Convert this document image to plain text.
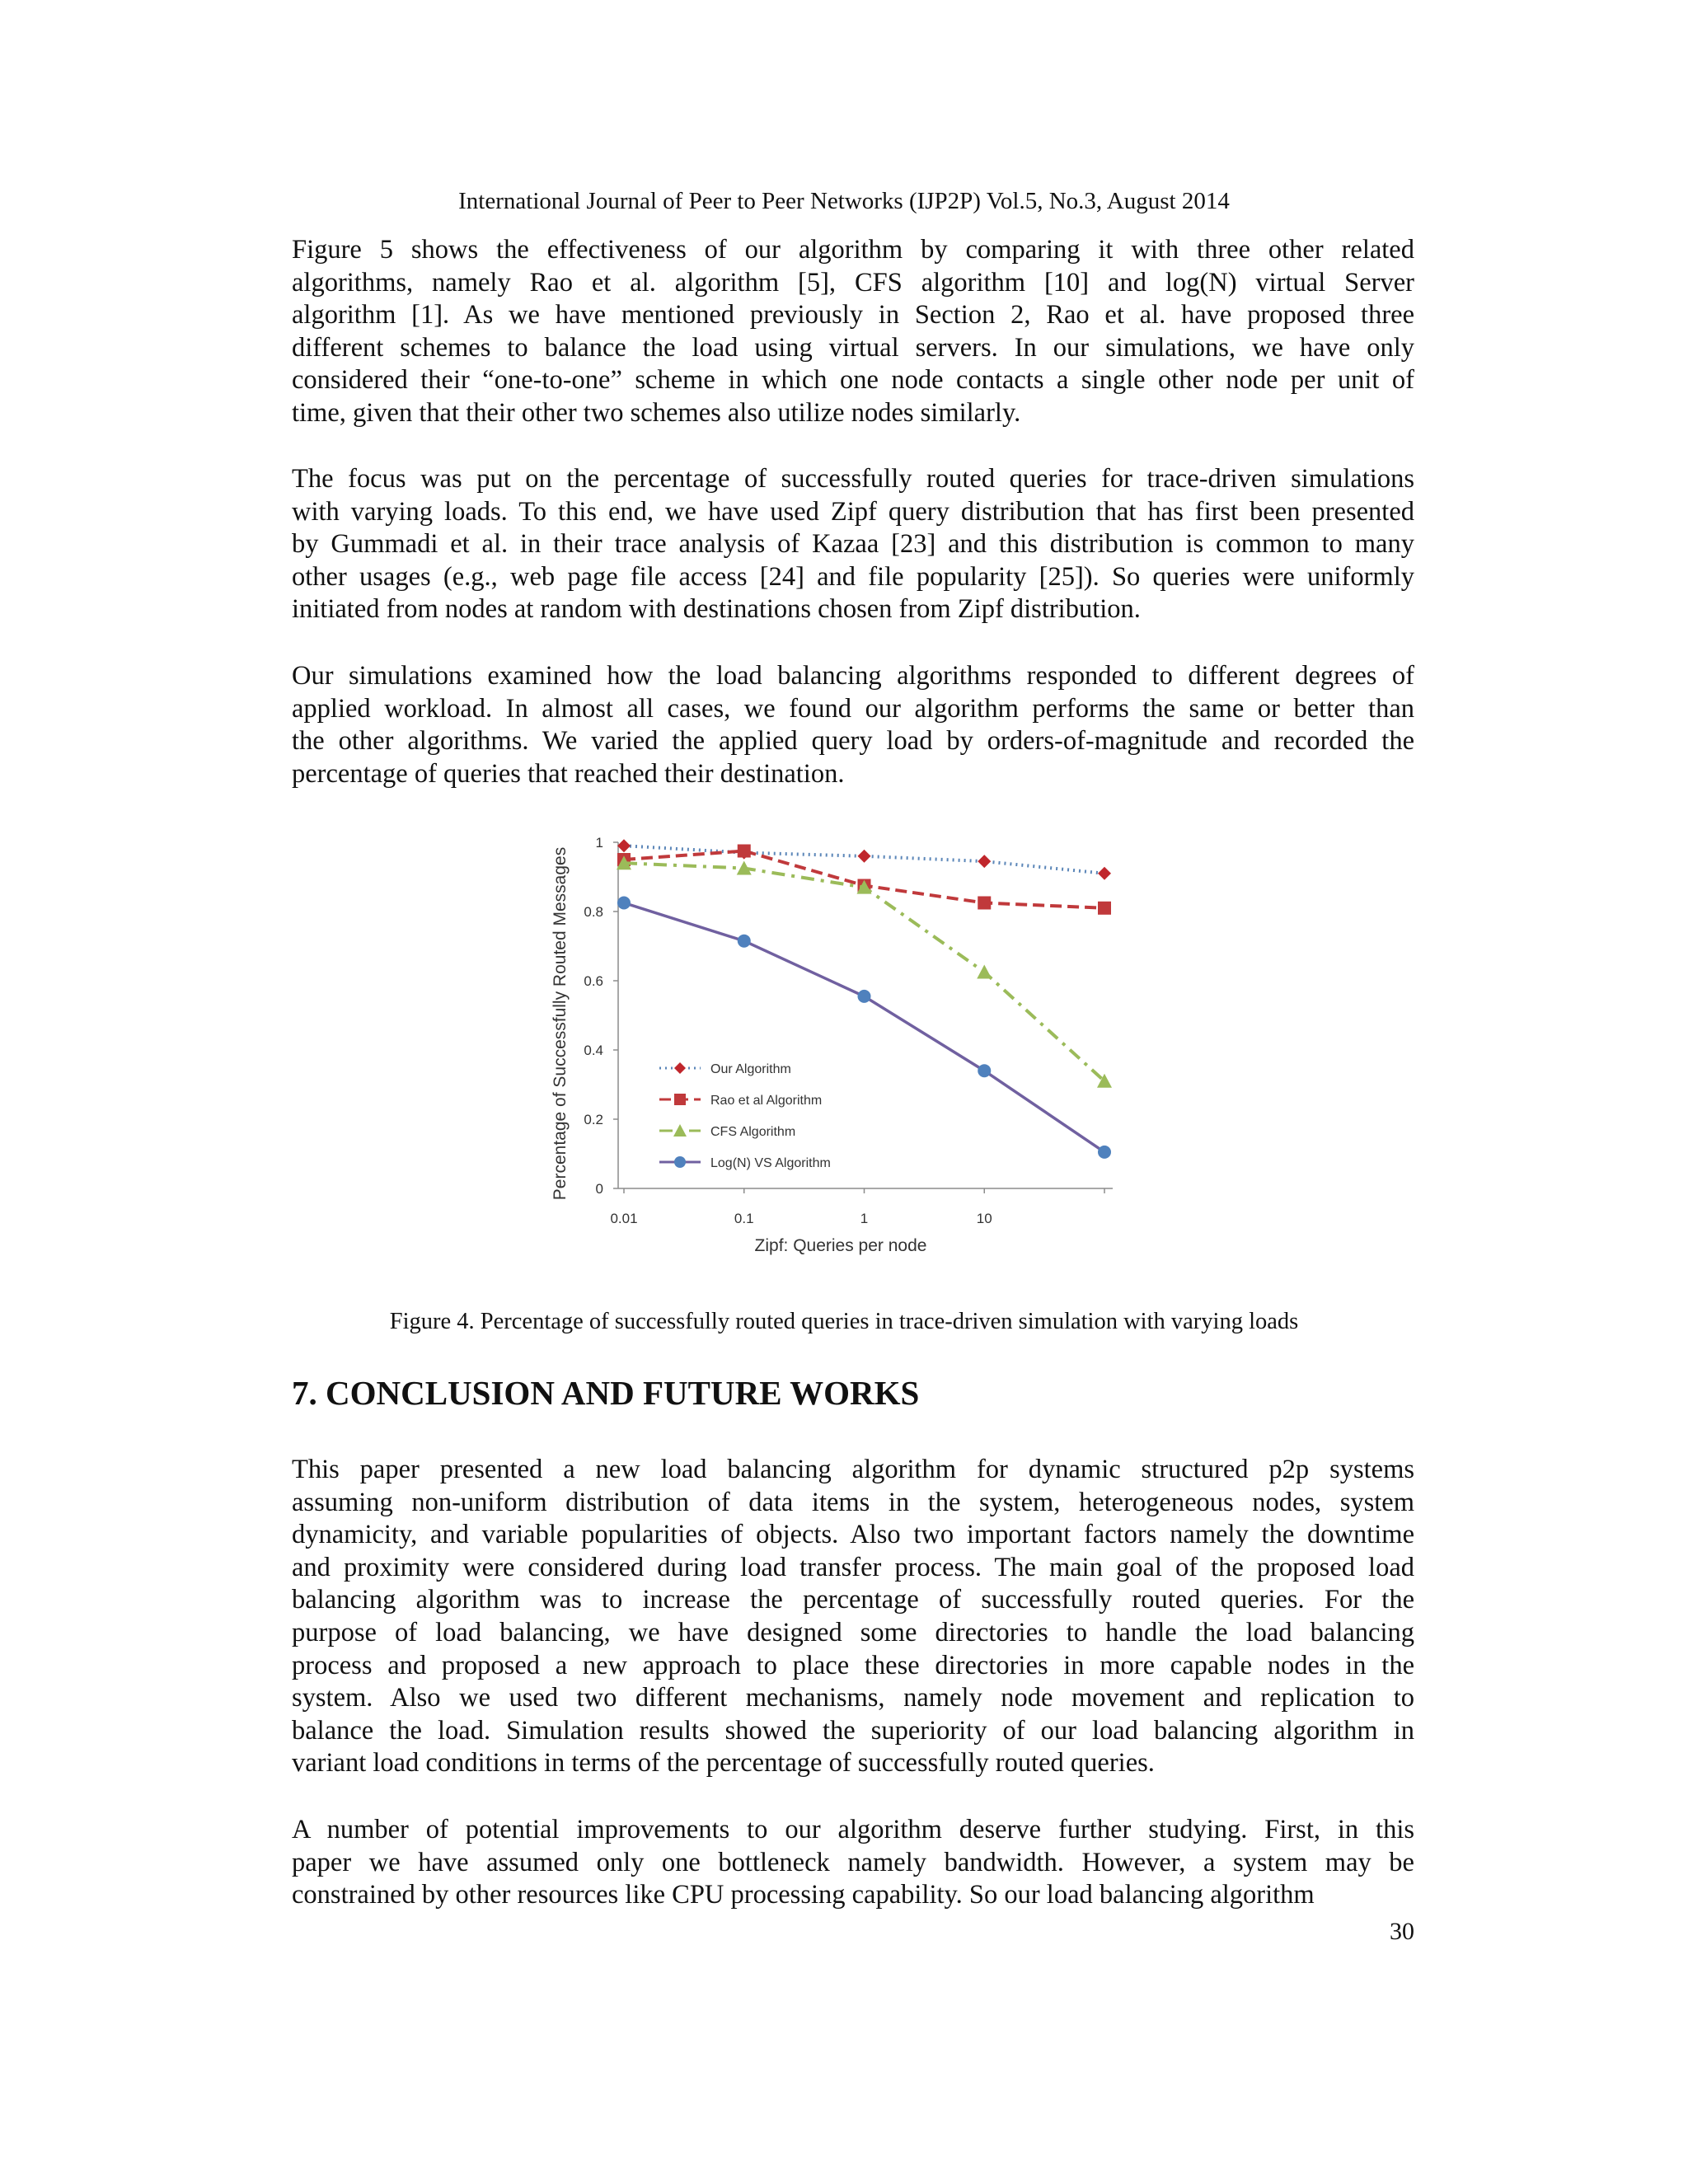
International Journal of Peer to Peer Networks (IJP2P) Vol.5, No.3, August 2014

Figure 5 shows the effectiveness of our algorithm by comparing it with three other related
algorithms, namely Rao et al. algorithm [5], CFS algorithm [10] and log(N) virtual Server
algorithm [1]. As we have mentioned previously in Section 2, Rao et al. have proposed three
different schemes to balance the load using virtual servers. In our simulations, we have only
considered their “one-to-one” scheme in which one node contacts a single other node per unit of
time, given that their other two schemes also utilize nodes similarly.

The focus was put on the percentage of successfully routed queries for trace-driven simulations
with varying loads. To this end, we have used Zipf query distribution that has first been presented
by Gummadi et al. in their trace analysis of Kazaa [23] and this distribution is common to many
other usages (e.g., web page file access [24] and file popularity [25]). So queries were uniformly
initiated from nodes at random with destinations chosen from Zipf distribution.

Our simulations examined how the load balancing algorithms responded to different degrees of
applied workload. In almost all cases, we found our algorithm performs the same or better than
the other algorithms. We varied the applied query load by orders-of-magnitude and recorded the
percentage of queries that reached their destination.

0
0.2
0.4
0.6
0.8
1
0.01	0.1	1	10
Zipf: Queries per node
Percentage of Successfully Routed Messages	Our Algorithm
Rao et al Algorithm
CFS Algorithm
Log(N) VS Algorithm
Figure 4. Percentage of successfully routed queries in trace-driven simulation with varying loads
7. CONCLUSION AND FUTURE WORKS

This paper presented a new load balancing algorithm for dynamic structured p2p systems
assuming non-uniform distribution of data items in the system, heterogeneous nodes, system
dynamicity, and variable popularities of objects. Also two important factors namely the downtime
and proximity were considered during load transfer process. The main goal of the proposed load
balancing algorithm was to increase the percentage of successfully routed queries. For the
purpose of load balancing, we have designed some directories to handle the load balancing
process and proposed a new approach to place these directories in more capable nodes in the
system. Also we used two different mechanisms, namely node movement and replication to
balance the load. Simulation results showed the superiority of our load balancing algorithm in
variant load conditions in terms of the percentage of successfully routed queries.

A number of potential improvements to our algorithm deserve further studying. First, in this
paper we have assumed only one bottleneck namely bandwidth. However, a system may be
constrained by other resources like CPU processing capability. So our load balancing algorithm

30
